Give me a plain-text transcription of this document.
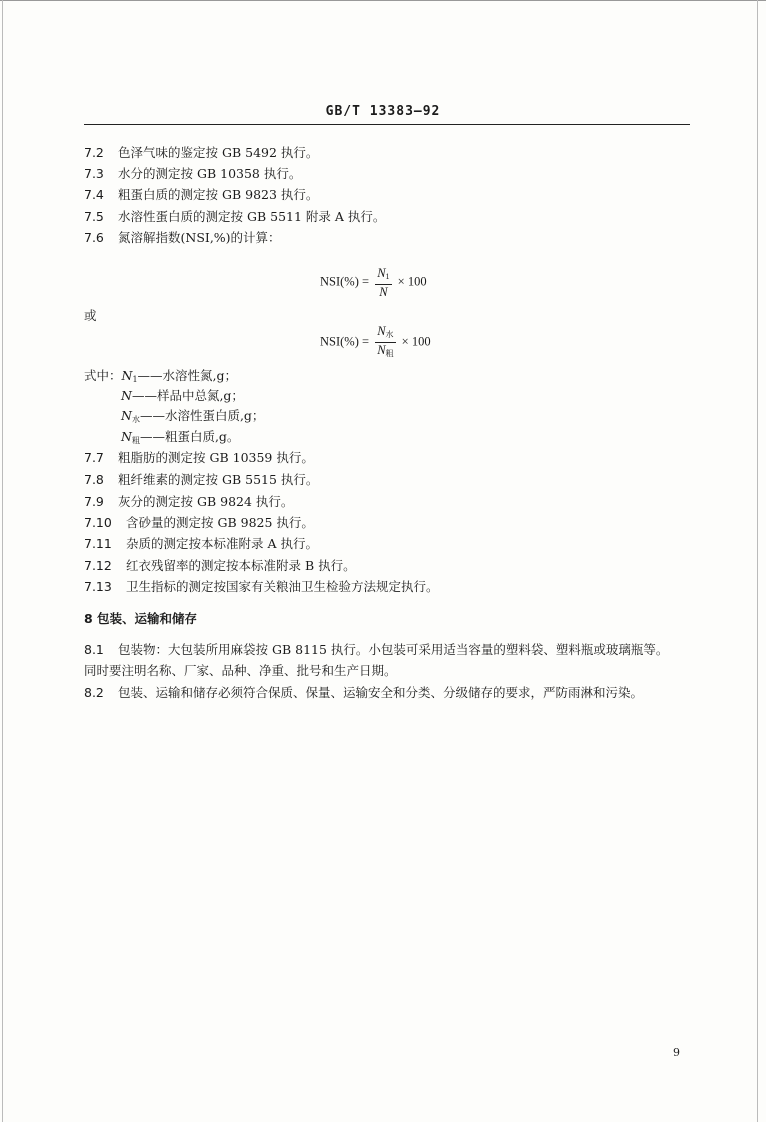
GB/T 13383—92
7.2 色泽气味的鉴定按 GB 5492 执行。
7.3 水分的测定按 GB 10358 执行。
7.4 粗蛋白质的测定按 GB 9823 执行。
7.5 水溶性蛋白质的测定按 GB 5511 附录 A 执行。
7.6 氮溶解指数(NSI,%)的计算：
$NSI(\%) = \frac{N_1}{N} \times 100$
或
$NSI(\%) = \frac{N_水}{N_粗} \times 100$
式中：$N_1——$水溶性氮,g；
N——样品中总氮,g；
$N_水——$水溶性蛋白质,g；
$N_粗——$粗蛋白质,g。
7.7 粗脂肪的测定按 GB 10359 执行。
7.8 粗纤维素的测定按 GB 5515 执行。
7.9 灰分的测定按 GB 9824 执行。
7.10 含砂量的测定按 GB 9825 执行。
7.11 杂质的测定按本标准附录 A 执行。
7.12 红衣残留率的测定按本标准附录 B 执行。
7.13 卫生指标的测定按国家有关粮油卫生检验方法规定执行。
8 包装、运输和储存
8.1 包装物：大包装所用麻袋按 GB 8115 执行。小包装可采用适当容量的塑料袋、塑料瓶或玻璃瓶等。
同时要注明名称、厂家、品种、净重、批号和生产日期。
8.2 包装、运输和储存必须符合保质、保量、运输安全和分类、分级储存的要求，严防雨淋和污染。
9
